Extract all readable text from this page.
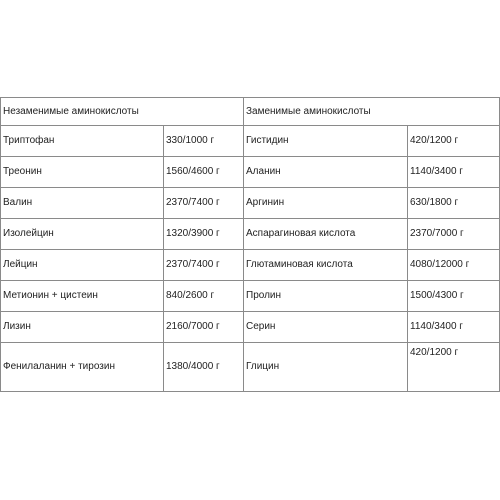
Незаменимые аминокислоты		Заменимые аминокислоты	
Триптофан	330/1000 г	Гистидин	420/1200 г
Треонин	1560/4600 г	Аланин	1140/3400 г
Валин	2370/7400 г	Аргинин	630/1800 г
Изолейцин	1320/3900 г	Аспарагиновая кислота	2370/7000 г
Лейцин	2370/7400 г	Глютаминовая кислота	4080/12000 г
Метионин + цистеин	840/2600 г	Пролин	1500/4300 г
Лизин	2160/7000 г	Серин	1140/3400 г
Фенилаланин + тирозин	1380/4000 г	Глицин	420/1200 г
